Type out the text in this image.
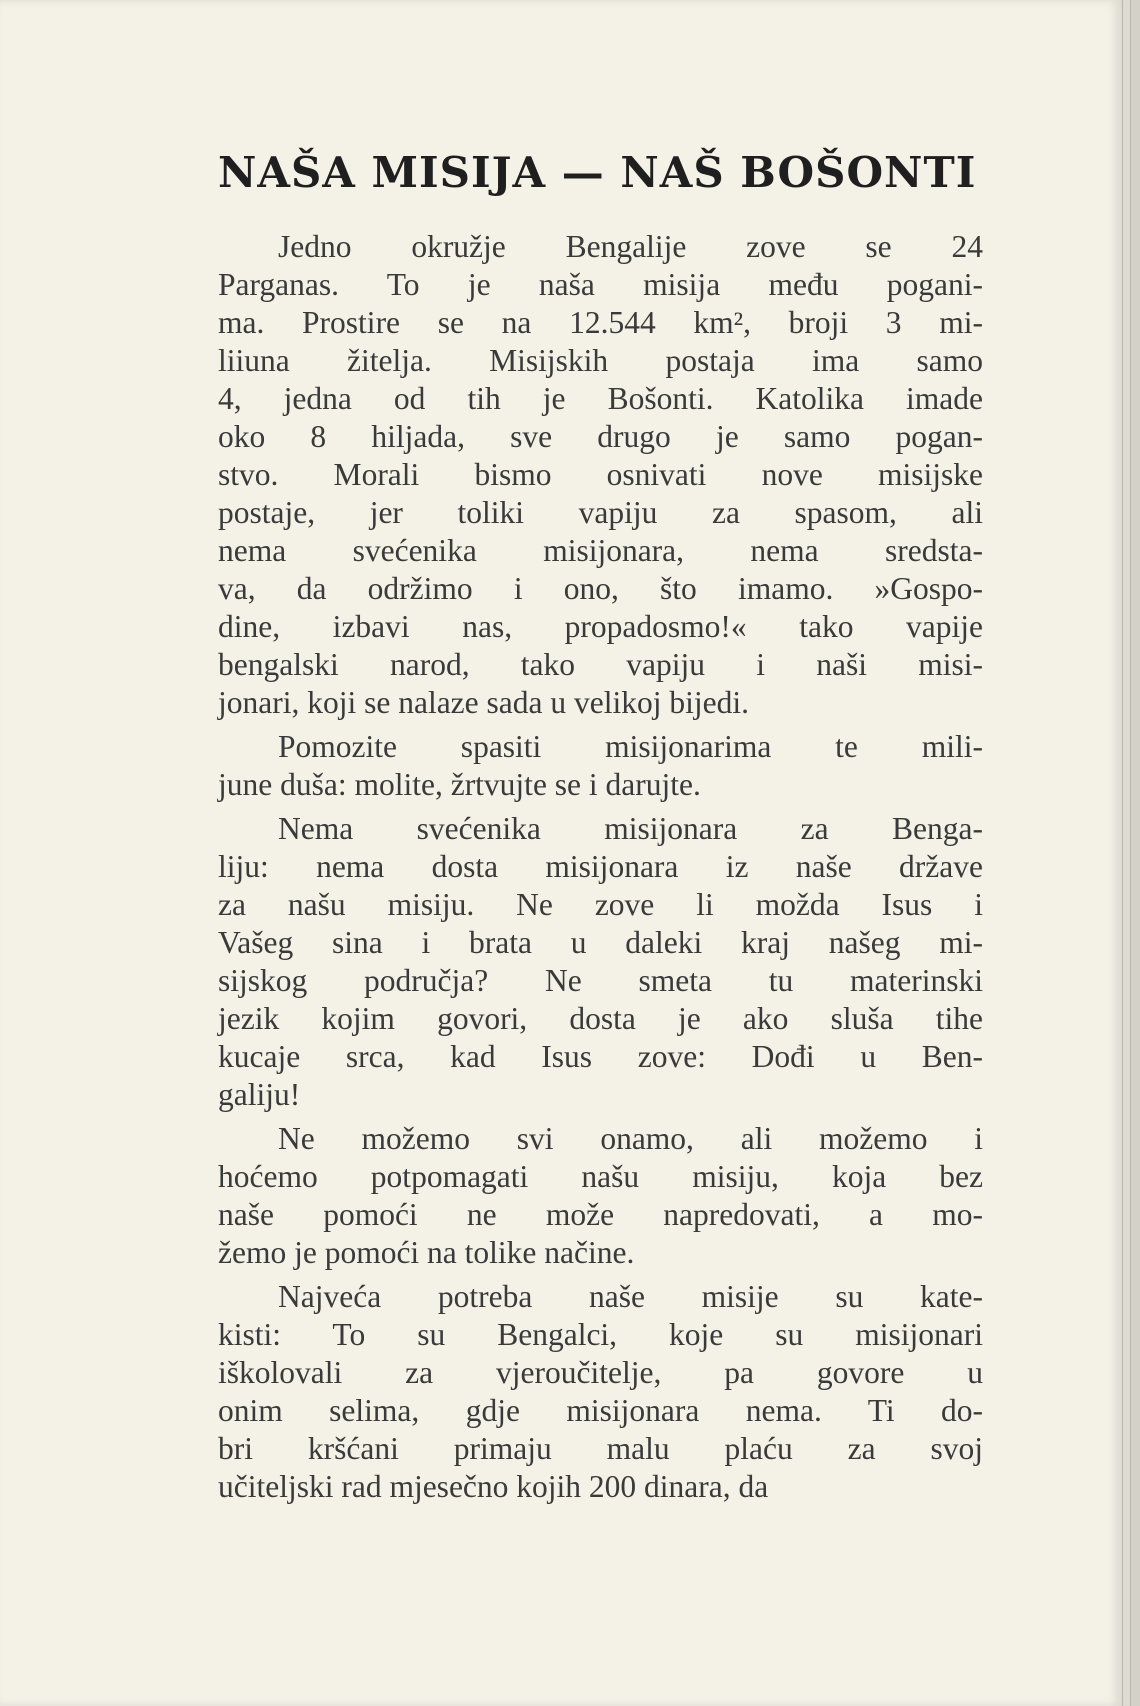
NAŠA MISIJA — NAŠ BOŠONTI
Jedno okružje Bengalije zove se 24
Parganas. To je naša misija među pogani-
ma. Prostire se na 12.544 km², broji 3 mi-
liiuna žitelja. Misijskih postaja ima samo
4, jedna od tih je Bošonti. Katolika imade
oko 8 hiljada, sve drugo je samo pogan-
stvo. Morali bismo osnivati nove misijske
postaje, jer toliki vapiju za spasom, ali
nema svećenika misijonara, nema sredsta-
va, da održimo i ono, što imamo. »Gospo-
dine, izbavi nas, propadosmo!« tako vapije
bengalski narod, tako vapiju i naši misi-
jonari, koji se nalaze sada u velikoj bijedi.
Pomozite spasiti misijonarima te mili-
june duša: molite, žrtvujte se i darujte.
Nema svećenika misijonara za Benga-
liju: nema dosta misijonara iz naše države
za našu misiju. Ne zove li možda Isus i
Vašeg sina i brata u daleki kraj našeg mi-
sijskog područja? Ne smeta tu materinski
jezik kojim govori, dosta je ako sluša tihe
kucaje srca, kad Isus zove: Dođi u Ben-
galiju!
Ne možemo svi onamo, ali možemo i
hoćemo potpomagati našu misiju, koja bez
naše pomoći ne može napredovati, a mo-
žemo je pomoći na tolike načine.
Najveća potreba naše misije su kate-
kisti: To su Bengalci, koje su misijonari
iškolovali za vjeroučitelje, pa govore u
onim selima, gdje misijonara nema. Ti do-
bri kršćani primaju malu plaću za svoj
učiteljski rad mjesečno kojih 200 dinara, da
